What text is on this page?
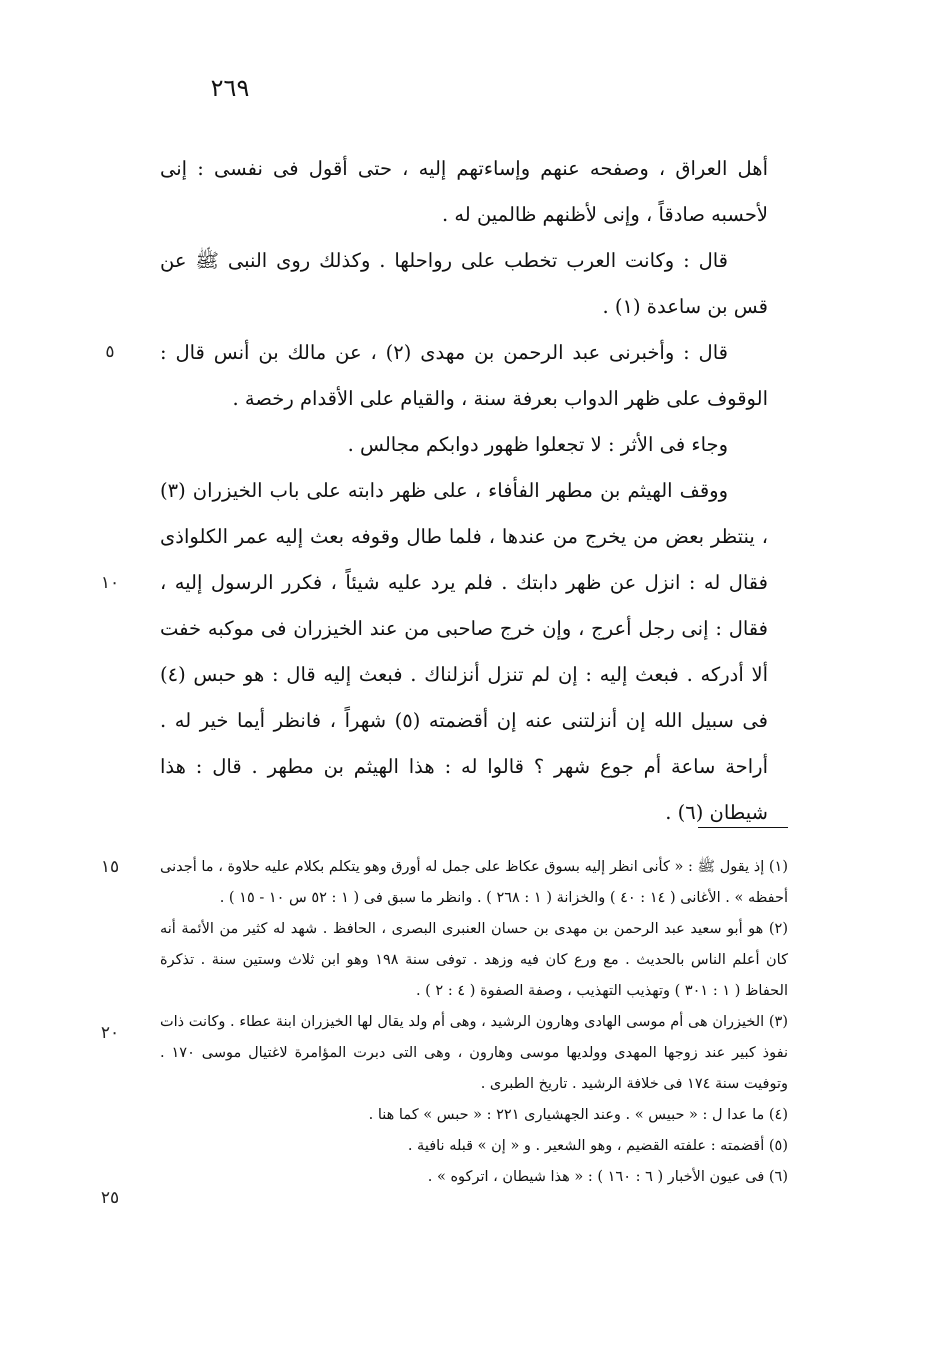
٢٦٩
٥
١٠
١٥
٢٠
٢٥

أهل العراق ، وصفحه عنهم وإساءتهم إليه ، حتى أقول فى نفسى : إنى لأحسبه صادقاً ، وإنى لأظنهم ظالمين له .

قال : وكانت العرب تخطب على رواحلها . وكذلك روى النبى ﷺ عن قس بن ساعدة (١) .

قال : وأخبرنى عبد الرحمن بن مهدى (٢) ، عن مالك بن أنس قال : الوقوف على ظهر الدواب بعرفة سنة ، والقيام على الأقدام رخصة .

وجاء فى الأثر : لا تجعلوا ظهور دوابكم مجالس .

ووقف الهيثم بن مطهر الفأفاء ، على ظهر دابته على باب الخيزران (٣) ، ينتظر بعض من يخرج من عندها ، فلما طال وقوفه بعث إليه عمر الكلواذى فقال له : انزل عن ظهر دابتك . فلم يرد عليه شيئاً ، فكرر الرسول إليه ، فقال : إنى رجل أعرج ، وإن خرج صاحبى من عند الخيزران فى موكبه خفت ألا أدركه . فبعث إليه : إن لم تنزل أنزلناك . فبعث إليه قال : هو حبس (٤) فى سبيل الله إن أنزلتنى عنه إن أقضمته (٥) شهراً ، فانظر أيما خير له . أراحة ساعة أم جوع شهر ؟ قالوا له : هذا الهيثم بن مطهر . قال : هذا شيطان (٦) .

(١) إذ يقول ﷺ : « كأنى انظر إليه بسوق عكاظ على جمل له أورق وهو يتكلم بكلام عليه حلاوة ، ما أجدنى أحفظه » . الأغانى ( ١٤ : ٤٠ ) والخزانة ( ١ : ٢٦٨ ) . وانظر ما سبق فى ( ١ : ٥٢ س ١٠ - ١٥ ) .

(٢) هو أبو سعيد عبد الرحمن بن مهدى بن حسان العنبرى البصرى ، الحافظ . شهد له كثير من الأئمة أنه كان أعلم الناس بالحديث . مع ورع كان فيه وزهد . توفى سنة ١٩٨ وهو ابن ثلاث وستين سنة . تذكرة الحفاظ ( ١ : ٣٠١ ) وتهذيب التهذيب ، وصفة الصفوة ( ٤ : ٢ ) .

(٣) الخيزران هى أم موسى الهادى وهارون الرشيد ، وهى أم ولد يقال لها الخيزران ابنة عطاء . وكانت ذات نفوذ كبير عند زوجها المهدى وولديها موسى وهارون ، وهى التى دبرت المؤامرة لاغتيال موسى ١٧٠ . وتوفيت سنة ١٧٤ فى خلافة الرشيد . تاريخ الطبرى .

(٤) ما عدا ل : « حبيس » . وعند الجهشيارى ٢٢١ : « حبس » كما هنا .

(٥) أقضمته : علفته القضيم ، وهو الشعير . و « إن » قبله نافية .

(٦) فى عيون الأخبار ( ٦ : ١٦٠ ) : « هذا شيطان ، اتركوه » .
